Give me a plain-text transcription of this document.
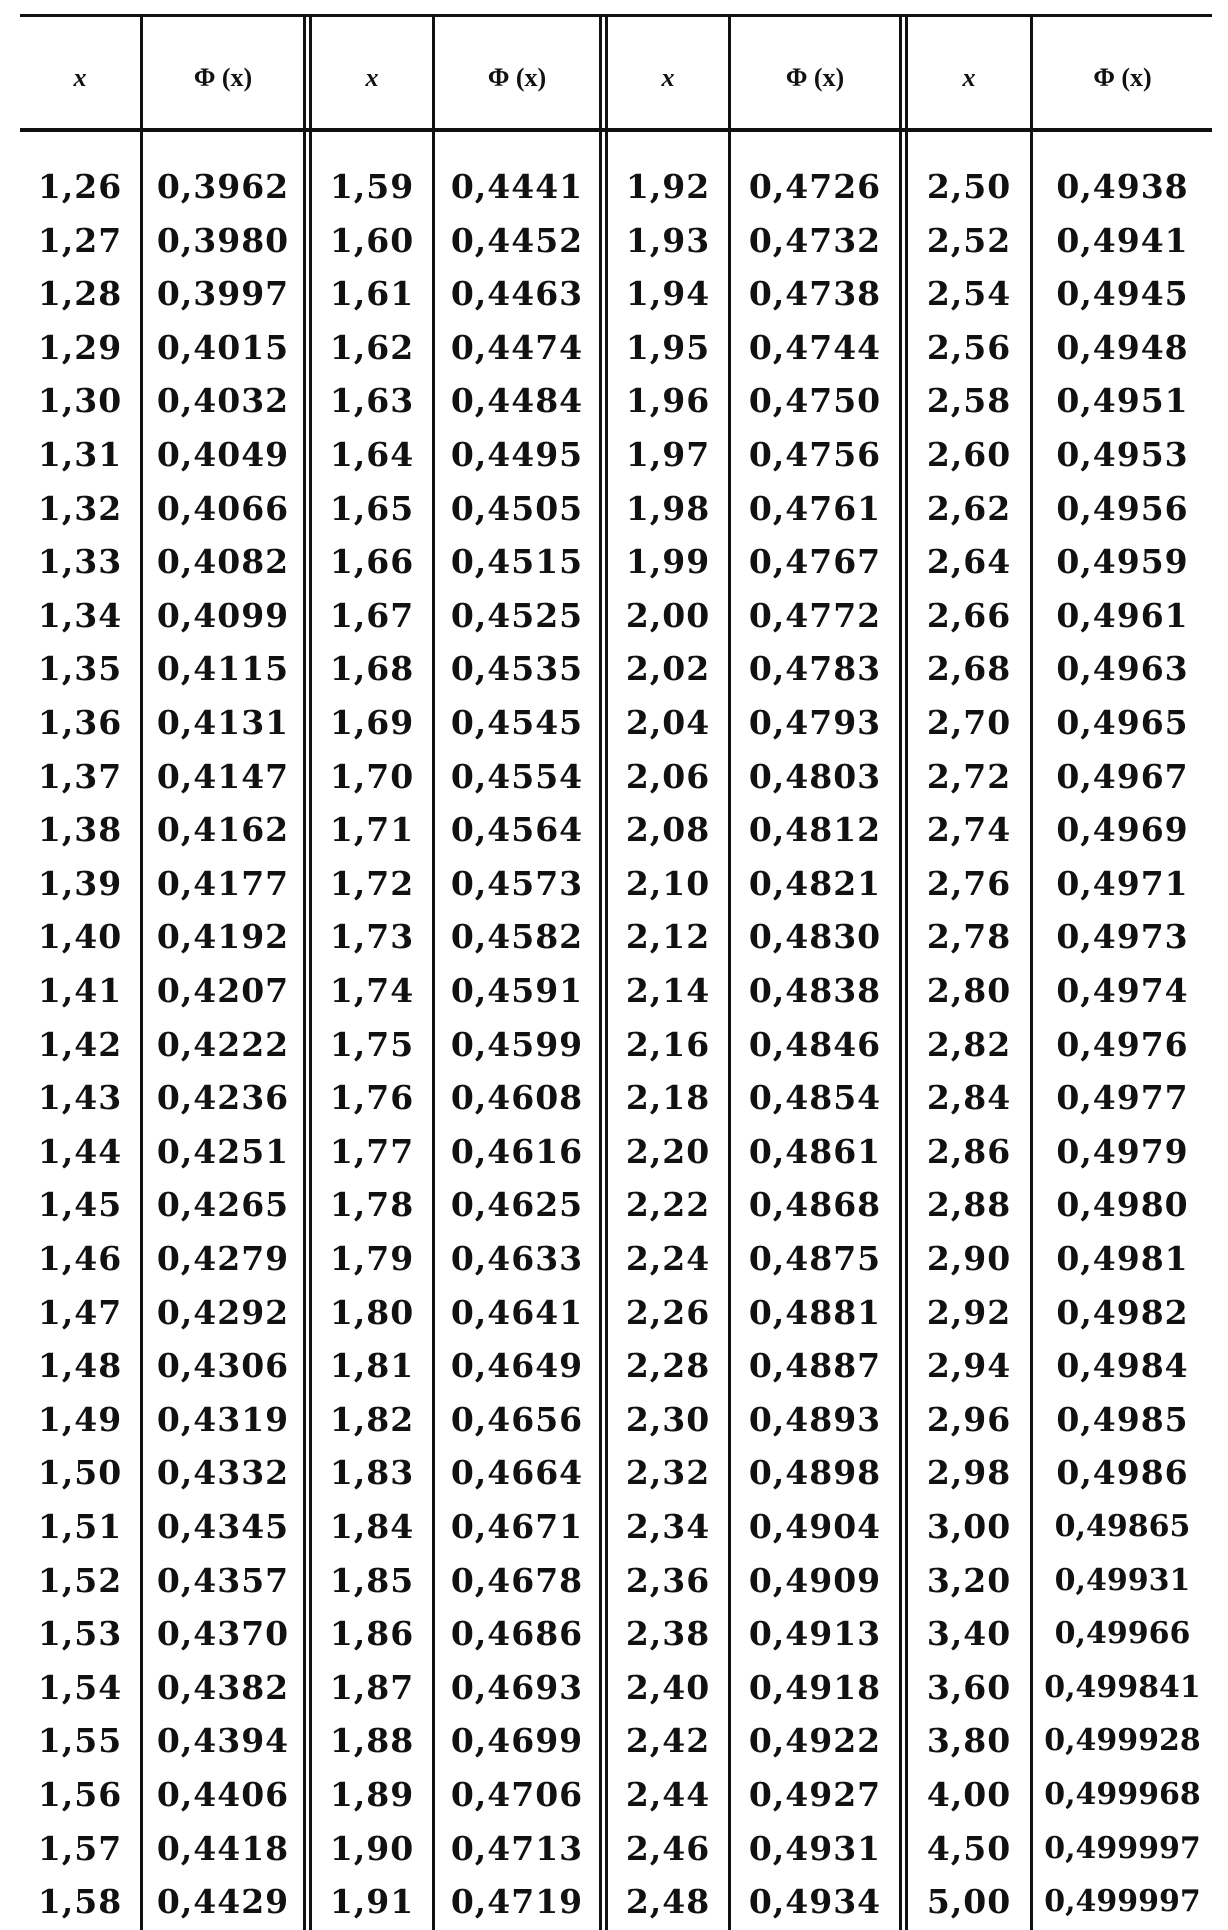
x	Φ (x)	x	Φ (x)	x	Φ (x)	x	Φ (x)
1,26	0,3962	1,59	0,4441	1,92	0,4726	2,50	0,4938
1,27	0,3980	1,60	0,4452	1,93	0,4732	2,52	0,4941
1,28	0,3997	1,61	0,4463	1,94	0,4738	2,54	0,4945
1,29	0,4015	1,62	0,4474	1,95	0,4744	2,56	0,4948
1,30	0,4032	1,63	0,4484	1,96	0,4750	2,58	0,4951
1,31	0,4049	1,64	0,4495	1,97	0,4756	2,60	0,4953
1,32	0,4066	1,65	0,4505	1,98	0,4761	2,62	0,4956
1,33	0,4082	1,66	0,4515	1,99	0,4767	2,64	0,4959
1,34	0,4099	1,67	0,4525	2,00	0,4772	2,66	0,4961
1,35	0,4115	1,68	0,4535	2,02	0,4783	2,68	0,4963
1,36	0,4131	1,69	0,4545	2,04	0,4793	2,70	0,4965
1,37	0,4147	1,70	0,4554	2,06	0,4803	2,72	0,4967
1,38	0,4162	1,71	0,4564	2,08	0,4812	2,74	0,4969
1,39	0,4177	1,72	0,4573	2,10	0,4821	2,76	0,4971
1,40	0,4192	1,73	0,4582	2,12	0,4830	2,78	0,4973
1,41	0,4207	1,74	0,4591	2,14	0,4838	2,80	0,4974
1,42	0,4222	1,75	0,4599	2,16	0,4846	2,82	0,4976
1,43	0,4236	1,76	0,4608	2,18	0,4854	2,84	0,4977
1,44	0,4251	1,77	0,4616	2,20	0,4861	2,86	0,4979
1,45	0,4265	1,78	0,4625	2,22	0,4868	2,88	0,4980
1,46	0,4279	1,79	0,4633	2,24	0,4875	2,90	0,4981
1,47	0,4292	1,80	0,4641	2,26	0,4881	2,92	0,4982
1,48	0,4306	1,81	0,4649	2,28	0,4887	2,94	0,4984
1,49	0,4319	1,82	0,4656	2,30	0,4893	2,96	0,4985
1,50	0,4332	1,83	0,4664	2,32	0,4898	2,98	0,4986
1,51	0,4345	1,84	0,4671	2,34	0,4904	3,00	0,49865
1,52	0,4357	1,85	0,4678	2,36	0,4909	3,20	0,49931
1,53	0,4370	1,86	0,4686	2,38	0,4913	3,40	0,49966
1,54	0,4382	1,87	0,4693	2,40	0,4918	3,60	0,499841
1,55	0,4394	1,88	0,4699	2,42	0,4922	3,80	0,499928
1,56	0,4406	1,89	0,4706	2,44	0,4927	4,00	0,499968
1,57	0,4418	1,90	0,4713	2,46	0,4931	4,50	0,499997
1,58	0,4429	1,91	0,4719	2,48	0,4934	5,00	0,499997
